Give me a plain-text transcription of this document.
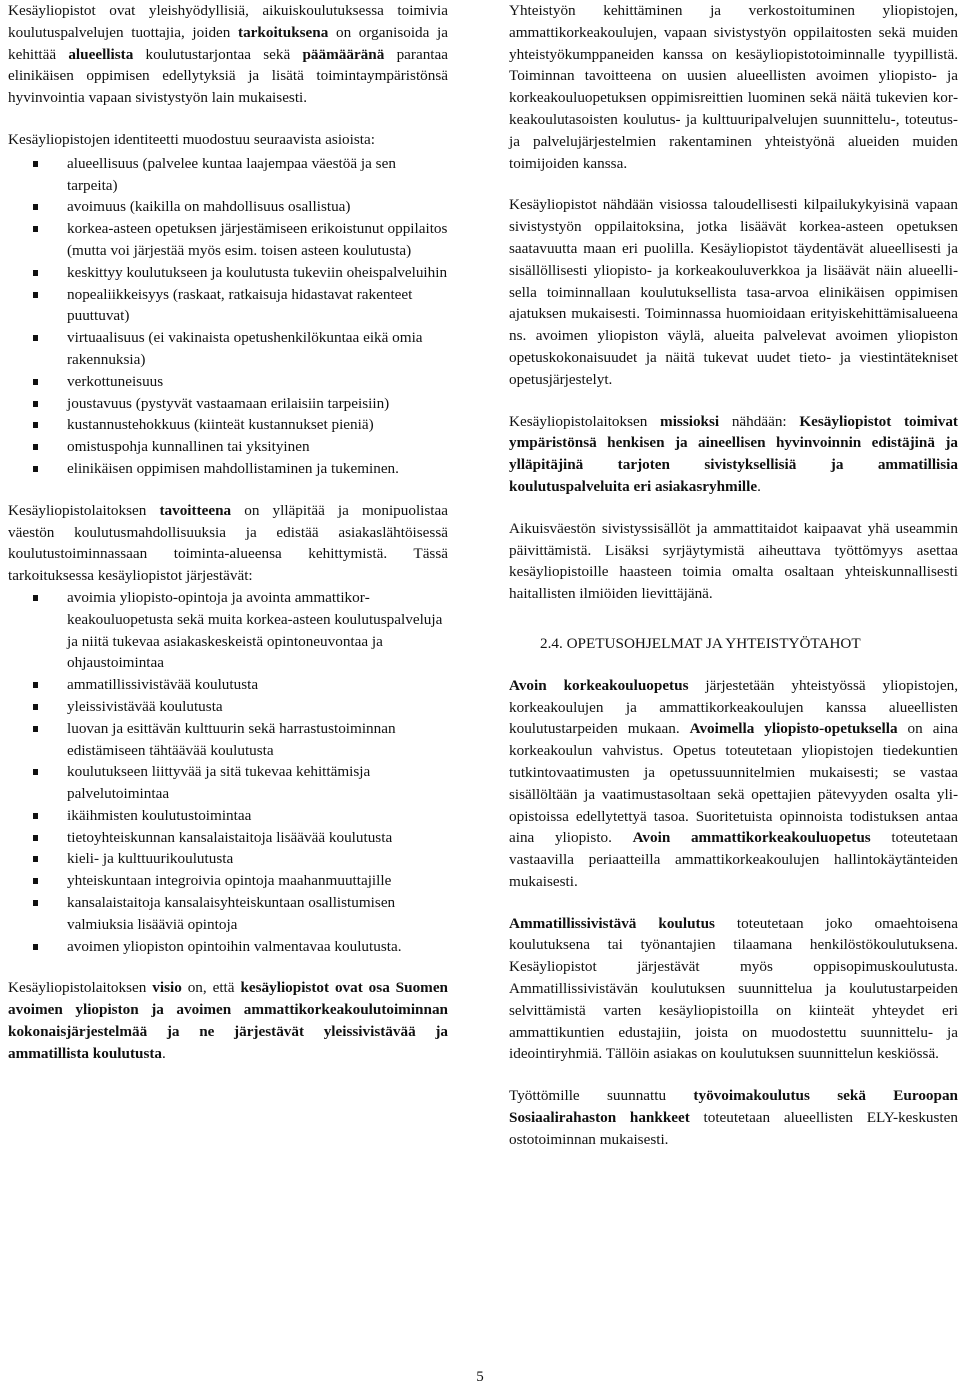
Kesäyliopistot ovat yleishyödyllisiä, aikuiskoulutuksessa toimivia koulutuspalvelujen tuottajia, joiden tarkoituksena on organisoida ja kehittää alueellista koulutustarjontaa sekä päämääränä parantaa elinikäisen oppimisen edellytyksiä ja lisätä toimintaympäristönsä hyvinvointia vapaan sivistystyön lain mukaisesti.

Kesäyliopistojen identiteetti muodostuu seuraavista asioista:

alueellisuus (palvelee kuntaa laajempaa väestöä ja sen tarpeita)
avoimuus (kaikilla on mahdollisuus osallistua)
korkea-asteen opetuksen järjestämiseen erikoistunut oppilaitos (mutta voi järjestää myös esim. toisen asteen koulutusta)
keskittyy koulutukseen ja koulutusta tukeviin oheispalveluihin
nopealiikkeisyys (raskaat, ratkaisuja hidastavat rakenteet puuttuvat)
virtuaalisuus (ei vakinaista opetushenkilökuntaa eikä omia rakennuksia)
verkottuneisuus
joustavuus (pystyvät vastaamaan erilaisiin tarpeisiin)
kustannustehokkuus (kiinteät kustannukset pieniä)
omistuspohja kunnallinen tai yksityinen
elinikäisen oppimisen mahdollistaminen ja tukeminen.

Kesäyliopistolaitoksen tavoitteena on ylläpitää ja monipuolistaa väestön koulutusmahdollisuuksia ja edistää asiakaslähtöisessä koulutustoiminnassaan toiminta-alueensa kehittymistä. Tässä tarkoituksessa kesäyliopistot järjestävät:

avoimia yliopisto-opintoja ja avointa ammattikorkeakouluopetusta sekä muita korkea-asteen koulutuspalveluja ja niitä tukevaa asiakaskeskeistä opintoneuvontaa ja ohjaustoimintaa
ammatillissivistävää koulutusta
yleissivistävää koulutusta
luovan ja esittävän kulttuurin sekä harrastustoiminnan edistämiseen tähtäävää koulutusta
koulutukseen liittyvää ja sitä tukevaa kehittämisja palvelutoimintaa
ikäihmisten koulutustoimintaa
tietoyhteiskunnan kansalaistaitoja lisäävää koulutusta
kieli- ja kulttuurikoulutusta
yhteiskuntaan integroivia opintoja maahanmuuttajille
kansalaistaitoja kansalaisyhteiskuntaan osallistumisen valmiuksia lisääviä opintoja
avoimen yliopiston opintoihin valmentavaa koulutusta.

Kesäyliopistolaitoksen visio on, että kesäyliopistot ovat osa Suomen avoimen yliopiston ja avoimen ammattikorkeakoulutoiminnan kokonaisjärjestelmää ja ne järjestävät yleissivistävää ja ammatillista koulutusta.

Yhteistyön kehittäminen ja verkostoituminen yliopistojen, ammattikorkeakoulujen, vapaan sivistystyön oppilaitosten sekä muiden yhteistyökumppaneiden kanssa on kesäyliopistotoiminnalle tyypillistä. Toiminnan tavoitteena on uusien alueellisten avoimen yliopisto- ja korkeakouluopetuksen oppimisreittien luominen sekä näitä tukevien korkeakoulutasoisten koulutus- ja kulttuuripalvelujen suunnittelu-, toteutus- ja palvelujärjestelmien rakentaminen yhteistyönä alueiden muiden toimijoiden kanssa.

Kesäyliopistot nähdään visiossa taloudellisesti kilpailukykyisinä vapaan sivistystyön oppilaitoksina, jotka lisäävät korkea-asteen opetuksen saatavuutta maan eri puolilla. Kesäyliopistot täydentävät alueellisesti ja sisällöllisesti yliopisto- ja korkeakouluverkkoa ja lisäävät näin alueellisella toiminnallaan koulutuksellista tasa-arvoa elinikäisen oppimisen ajatuksen mukaisesti. Toiminnassa huomioidaan erityiskehittämisalueena ns. avoimen yliopiston väylä, alueita palvelevat avoimen yliopiston opetuskokonaisuudet ja näitä tukevat uudet tieto- ja viestintätekniset opetusjärjestelyt.

Kesäyliopistolaitoksen missioksi nähdään: Kesäyliopistot toimivat ympäristönsä henkisen ja aineellisen hyvinvoinnin edistäjinä ja ylläpitäjinä tarjoten sivistyksellisiä ja ammatillisia koulutuspalveluita eri asiakasryhmille.

Aikuisväestön sivistyssisällöt ja ammattitaidot kaipaavat yhä useammin päivittämistä. Lisäksi syrjäytymistä aiheuttava työttömyys asettaa kesäyliopistoille haasteen toimia omalta osaltaan yhteiskunnallisesti haitallisten ilmiöiden lievittäjänä.

2.4. OPETUSOHJELMAT JA YHTEISTYÖTAHOT

Avoin korkeakouluopetus järjestetään yhteistyössä yliopistojen, korkeakoulujen ja ammattikorkeakoulujen kanssa alueellisten koulutustarpeiden mukaan. Avoimella yliopisto-opetuksella on aina korkeakoulun vahvistus. Opetus toteutetaan yliopistojen tiedekuntien tutkintovaatimusten ja opetussuunnitelmien mukaisesti; se vastaa sisällöltään ja vaatimustasoltaan sekä opettajien pätevyyden osalta yliopistoissa edellytettyä tasoa. Suoritetuista opinnoista todistuksen antaa aina yliopisto. Avoin ammattikorkeakouluopetus toteutetaan vastaavilla periaatteilla ammattikorkeakoulujen hallintokäytänteiden mukaisesti.

Ammatillissivistävä koulutus toteutetaan joko omaehtoisena koulutuksena tai työnantajien tilaamana henkilöstökoulutuksena. Kesäyliopistot järjestävät myös oppisopimuskoulutusta. Ammatillissivistävän koulutuksen suunnittelua ja koulutustarpeiden selvittämistä varten kesäyliopistoilla on kiinteät yhteydet eri ammattikuntien edustajiin, joista on muodostettu suunnittelu- ja ideointiryhmiä. Tällöin asiakas on koulutuksen suunnittelun keskiössä.

Työttömille suunnattu työvoimakoulutus sekä Euroopan Sosiaalirahaston hankkeet toteutetaan alueellisten ELY-keskusten ostotoiminnan mukaisesti.

5
